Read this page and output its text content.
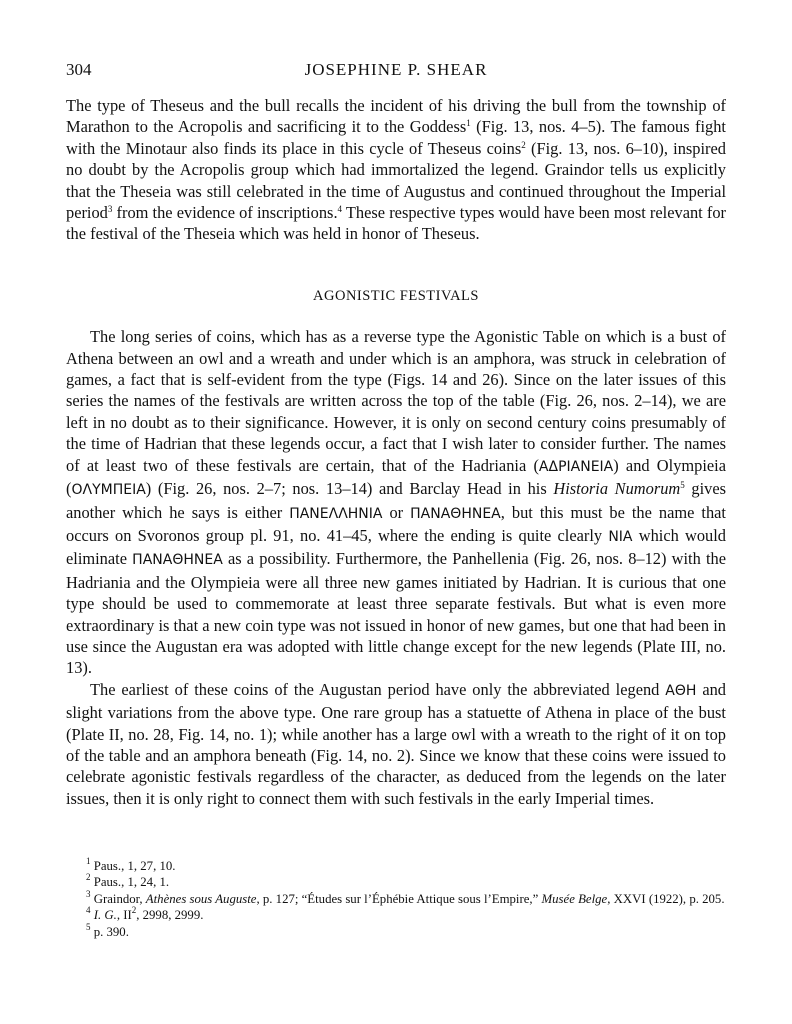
304	JOSEPHINE P. SHEAR

The type of Theseus and the bull recalls the incident of his driving the bull from the township of Marathon to the Acropolis and sacrificing it to the Goddess$^1$ (Fig. 13, nos. 4–5). The famous fight with the Minotaur also finds its place in this cycle of Theseus coins$^2$ (Fig. 13, nos. 6–10), inspired no doubt by the Acropolis group which had immortalized the legend. Graindor tells us explicitly that the Theseia was still celebrated in the time of Augustus and continued throughout the Imperial period$^3$ from the evidence of inscriptions.$^4$ These respective types would have been most relevant for the festival of the Theseia which was held in honor of Theseus.

AGONISTIC FESTIVALS

The long series of coins, which has as a reverse type the Agonistic Table on which is a bust of Athena between an owl and a wreath and under which is an amphora, was struck in celebration of games, a fact that is self-evident from the type (Figs. 14 and 26). Since on the later issues of this series the names of the festivals are written across the top of the table (Fig. 26, nos. 2–14), we are left in no doubt as to their significance. However, it is only on second century coins presumably of the time of Hadrian that these legends occur, a fact that I wish later to consider further. The names of at least two of these festivals are certain, that of the Hadriania (ΑΔΡΙΑΝΕΙΑ) and Olympieia (ΟΛΥΜΠΕΙΑ) (Fig. 26, nos. 2–7; nos. 13–14) and Barclay Head in his Historia Numorum$^5$ gives another which he says is either ΠΑΝΕΛΛΗΝΙΑ or ΠΑΝΑΘΗΝΕΑ, but this must be the name that occurs on Svoronos group pl. 91, no. 41–45, where the ending is quite clearly ΝΙΑ which would eliminate ΠΑΝΑΘΗΝΕΑ as a possibility. Furthermore, the Panhellenia (Fig. 26, nos. 8–12) with the Hadriania and the Olympieia were all three new games initiated by Hadrian. It is curious that one type should be used to commemorate at least three separate festivals. But what is even more extraordinary is that a new coin type was not issued in honor of new games, but one that had been in use since the Augustan era was adopted with little change except for the new legends (Plate III, no. 13).

The earliest of these coins of the Augustan period have only the abbreviated legend ΑΘΗ and slight variations from the above type. One rare group has a statuette of Athena in place of the bust (Plate II, no. 28, Fig. 14, no. 1); while another has a large owl with a wreath to the right of it on top of the table and an amphora beneath (Fig. 14, no. 2). Since we know that these coins were issued to celebrate agonistic festivals regardless of the character, as deduced from the legends on the later issues, then it is only right to connect them with such festivals in the early Imperial times.

$^1$ Paus., 1, 27, 10.

$^2$ Paus., 1, 24, 1.

$^3$ Graindor, Athènes sous Auguste, p. 127; “Études sur l’Éphébie Attique sous l’Empire,” Musée Belge, XXVI (1922), p. 205.

$^4$ I. G., $II^2$, 2998, 2999.

$^5$ p. 390.
